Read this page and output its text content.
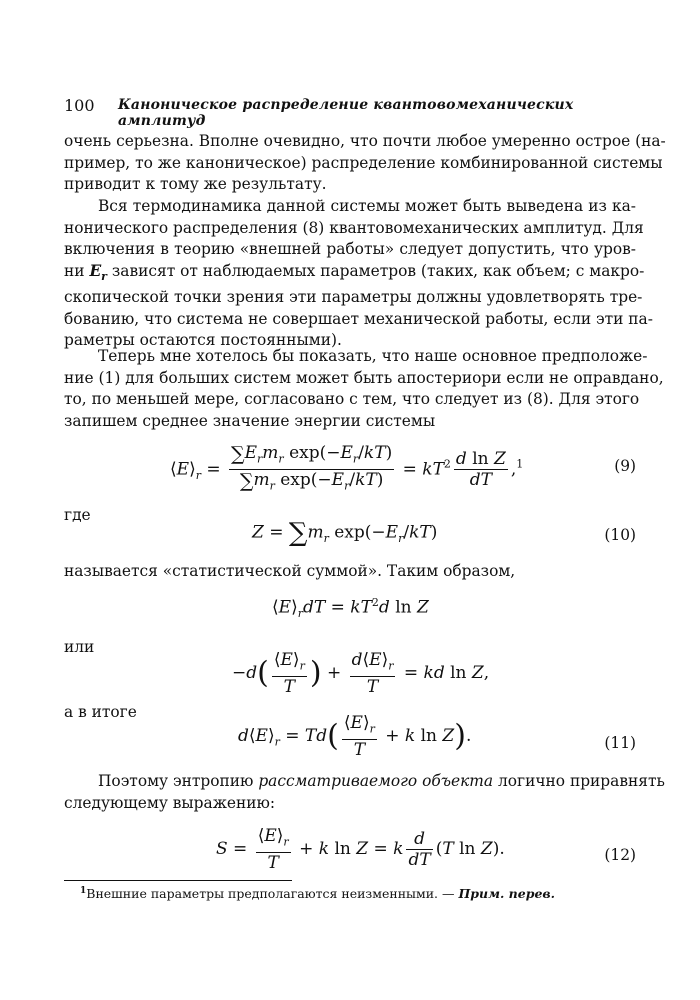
100 Каноническое распределение квантовомеханических амплитуд
очень серьезна. Вполне очевидно, что почти любое умеренно острое (на-
пример, то же каноническое) распределение комбинированной системы
приводит к тому же результату.
Вся термодинамика данной системы может быть выведена из ка-
нонического распределения (8) квантовомеханических амплитуд. Для
включения в теорию «внешней работы» следует допустить, что уров-
ни $E_r$ зависят от наблюдаемых параметров (таких, как объем; с макро-
скопической точки зрения эти параметры должны удовлетворять тре-
бованию, что система не совершает механической работы, если эти па-
раметры остаются постоянными).
Теперь мне хотелось бы показать, что наше основное предположе-
ние (1) для больших систем может быть апостериори если не оправдано,
то, по меньшей мере, согласовано с тем, что следует из (8). Для этого
запишем среднее значение энергии системы
$⟨E⟩_r = \frac{\sum E_rm_r \exp(-E_r/kT)}{\sum m_r \exp(-E_r/kT)} = kT^2 \frac{\text{d ln Z}}{dT} ,^1$	(9)
где
$Z = \sum m_r$ $\exp(-E_r/kT)$	(10)
называется «статистической суммой». Таким образом,
$⟨E⟩_rdT = kT^2d$ ln Z
или
$-d( \frac{⟨E⟩_r}{T}$ ) + $\frac{d⟨E⟩_r}{T}$ = kd ln Z,
а в итоге
$d⟨E⟩_r = Td( \frac{⟨E⟩_r}{T} + k$ ln Z).	(11)
Поэтому энтропию рассматриваемого объекта логично приравнять
следующему выражению:
$S = \frac{⟨E⟩_r}{T} + k$ ln Z = k $\frac{d}{dT} (T$ ln Z).	(12)
$^1$Внешние параметры предполагаются неизменными. — Прим. перев.
